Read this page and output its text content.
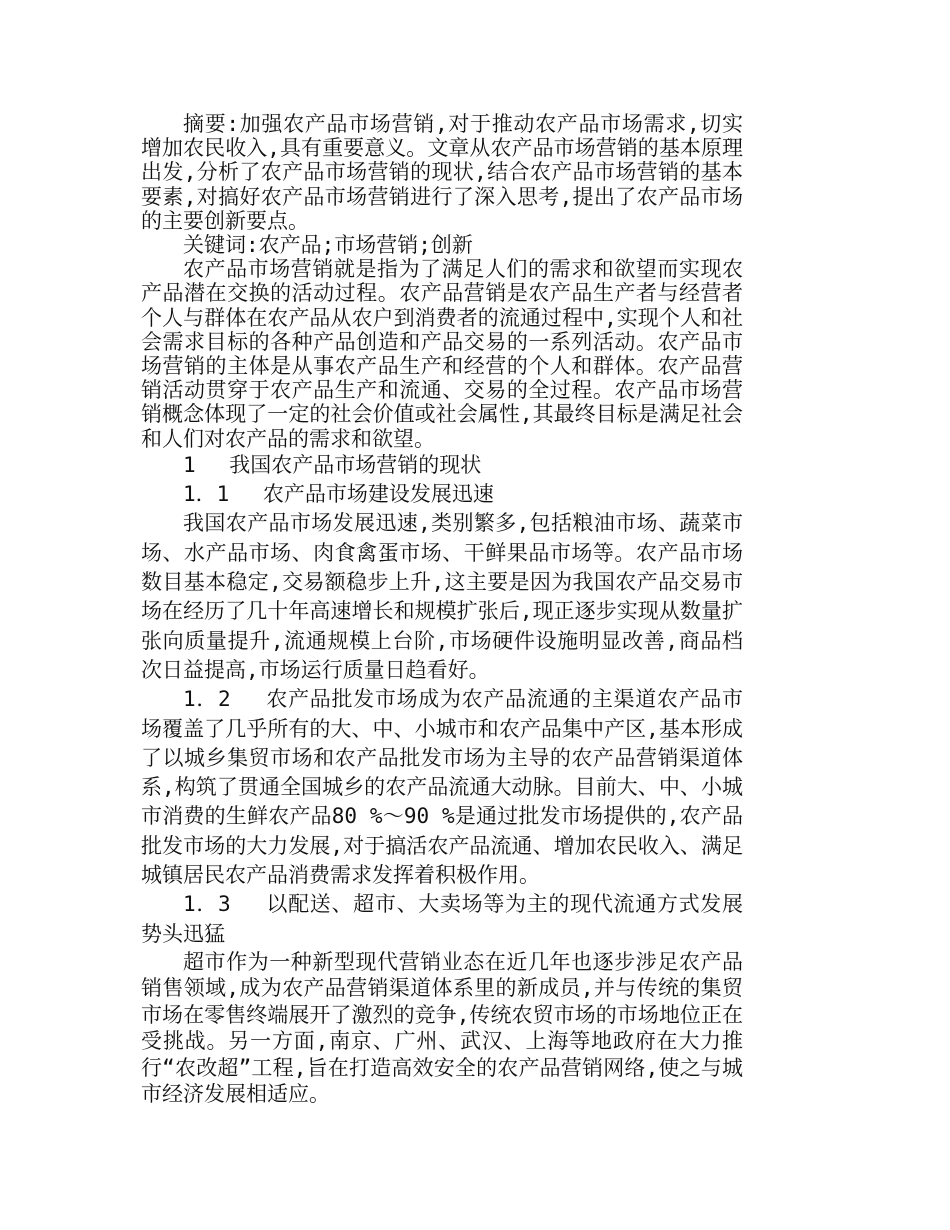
摘要:加强农产品市场营销,对于推动农产品市场需求,切实增加农民收入,具有重要意义。文章从农产品市场营销的基本原理出发,分析了农产品市场营销的现状,结合农产品市场营销的基本要素,对搞好农产品市场营销进行了深入思考,提出了农产品市场的主要创新要点。

关键词:农产品;市场营销;创新

农产品市场营销就是指为了满足人们的需求和欲望而实现农产品潜在交换的活动过程。农产品营销是农产品生产者与经营者个人与群体在农产品从农户到消费者的流通过程中,实现个人和社会需求目标的各种产品创造和产品交易的一系列活动。农产品市场营销的主体是从事农产品生产和经营的个人和群体。农产品营销活动贯穿于农产品生产和流通、交易的全过程。农产品市场营销概念体现了一定的社会价值或社会属性,其最终目标是满足社会和人们对农产品的需求和欲望。

1　 我国农产品市场营销的现状

1．1　 农产品市场建设发展迅速

我国农产品市场发展迅速,类别繁多,包括粮油市场、蔬菜市场、水产品市场、肉食禽蛋市场、干鲜果品市场等。农产品市场数目基本稳定,交易额稳步上升,这主要是因为我国农产品交易市场在经历了几十年高速增长和规模扩张后,现正逐步实现从数量扩张向质量提升,流通规模上台阶,市场硬件设施明显改善,商品档次日益提高,市场运行质量日趋看好。

1．2　 农产品批发市场成为农产品流通的主渠道农产品市场覆盖了几乎所有的大、中、小城市和农产品集中产区,基本形成了以城乡集贸市场和农产品批发市场为主导的农产品营销渠道体系,构筑了贯通全国城乡的农产品流通大动脉。目前大、中、小城市消费的生鲜农产品80 %～90 %是通过批发市场提供的,农产品批发市场的大力发展,对于搞活农产品流通、增加农民收入、满足城镇居民农产品消费需求发挥着积极作用。

1．3　 以配送、超市、大卖场等为主的现代流通方式发展势头迅猛

超市作为一种新型现代营销业态在近几年也逐步涉足农产品销售领域,成为农产品营销渠道体系里的新成员,并与传统的集贸市场在零售终端展开了激烈的竞争,传统农贸市场的市场地位正在受挑战。另一方面,南京、广州、武汉、上海等地政府在大力推行“农改超”工程,旨在打造高效安全的农产品营销网络,使之与城市经济发展相适应。
